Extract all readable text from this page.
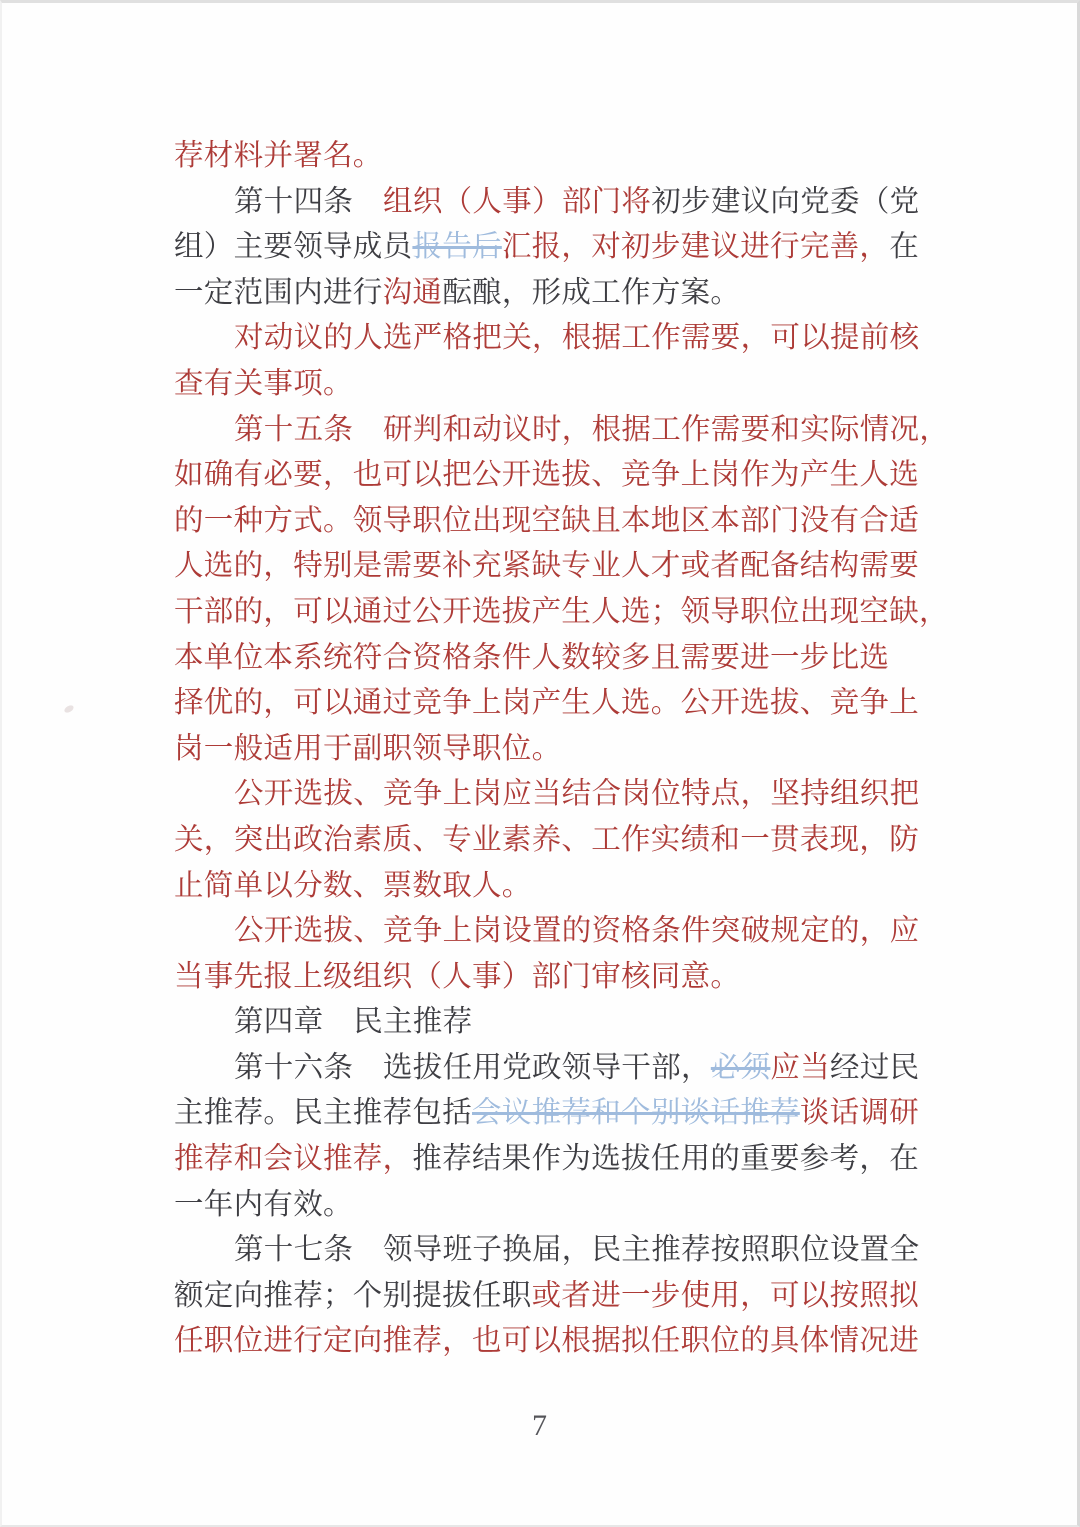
荐材料并署名。
第十四条　组织（人事）部门将初步建议向党委（党
组）主要领导成员报告后汇报，对初步建议进行完善，在
一定范围内进行沟通酝酿，形成工作方案。
对动议的人选严格把关，根据工作需要，可以提前核
查有关事项。
第十五条　研判和动议时，根据工作需要和实际情况，
如确有必要，也可以把公开选拔、竞争上岗作为产生人选
的一种方式。领导职位出现空缺且本地区本部门没有合适
人选的，特别是需要补充紧缺专业人才或者配备结构需要
干部的，可以通过公开选拔产生人选；领导职位出现空缺，
本单位本系统符合资格条件人数较多且需要进一步比选
择优的，可以通过竞争上岗产生人选。公开选拔、竞争上
岗一般适用于副职领导职位。
公开选拔、竞争上岗应当结合岗位特点，坚持组织把
关，突出政治素质、专业素养、工作实绩和一贯表现，防
止简单以分数、票数取人。
公开选拔、竞争上岗设置的资格条件突破规定的，应
当事先报上级组织（人事）部门审核同意。
第四章　民主推荐
第十六条　选拔任用党政领导干部，必须应当经过民
主推荐。民主推荐包括会议推荐和个别谈话推荐谈话调研
推荐和会议推荐，推荐结果作为选拔任用的重要参考，在
一年内有效。
第十七条　领导班子换届，民主推荐按照职位设置全
额定向推荐；个别提拔任职或者进一步使用，可以按照拟
任职位进行定向推荐，也可以根据拟任职位的具体情况进
7
